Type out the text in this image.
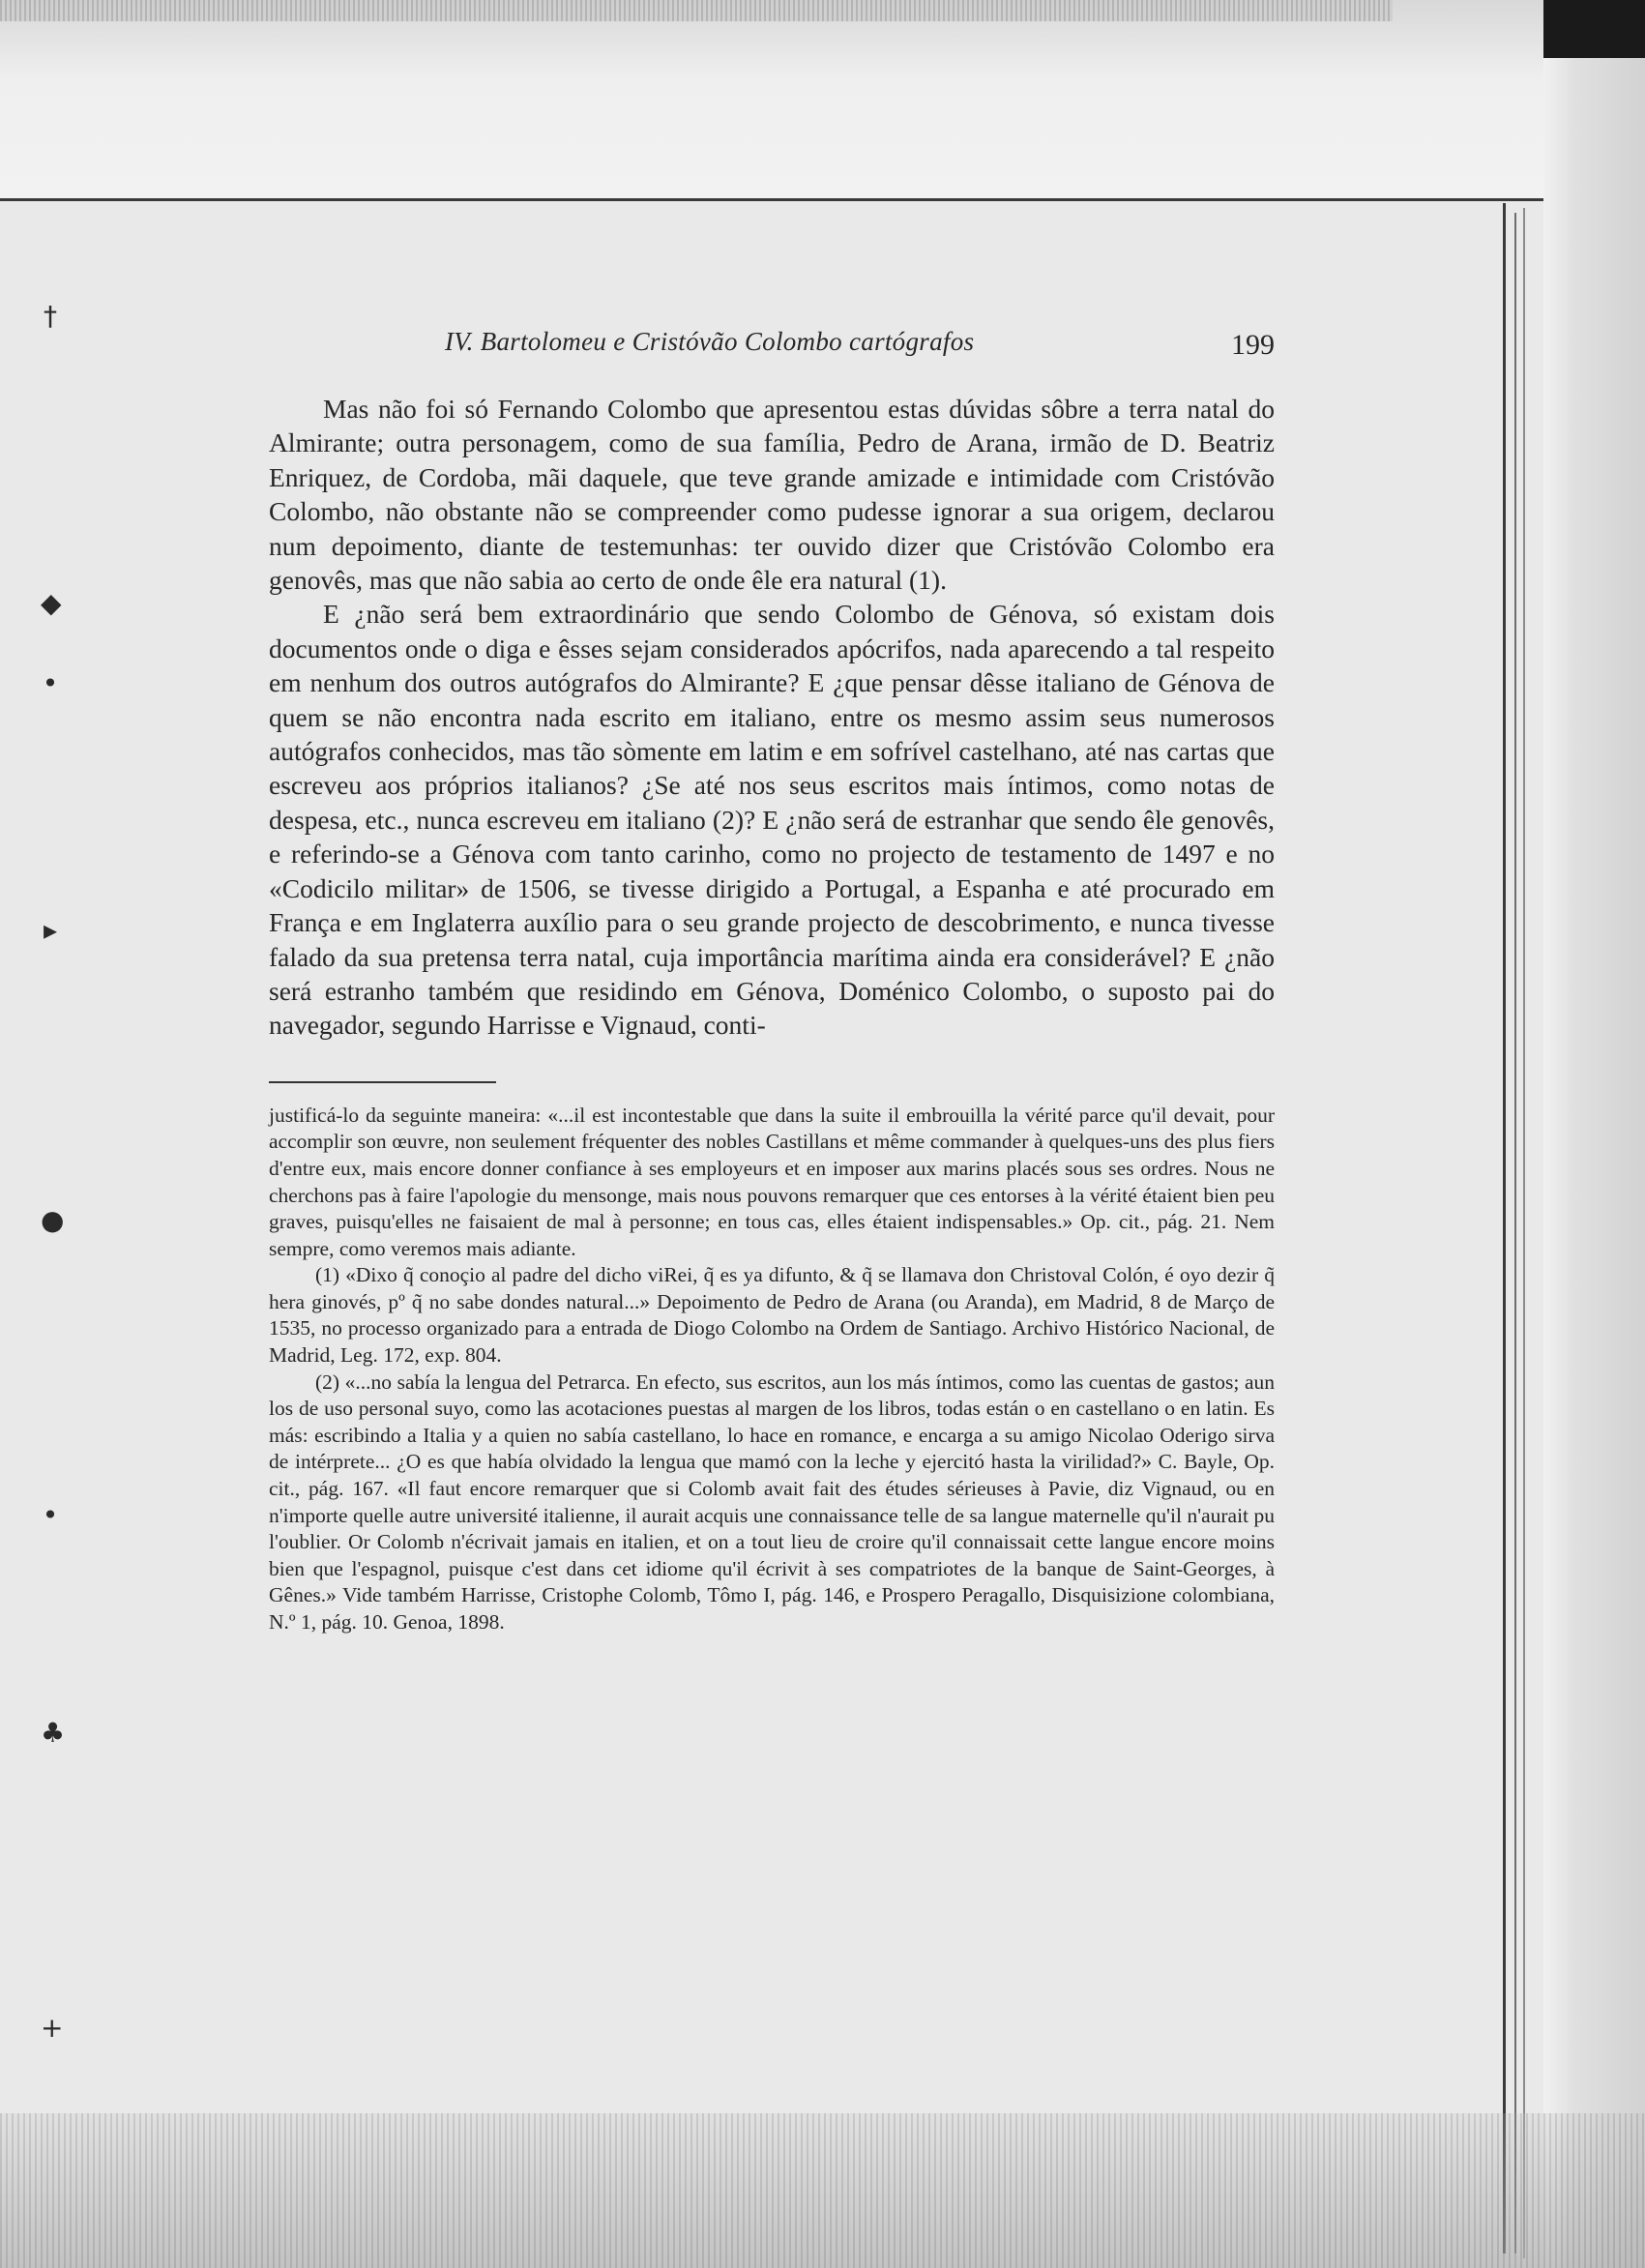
†
◆
•
▸
●
•
♣
+
IV. Bartolomeu e Cristóvão Colombo cartógrafos	199

Mas não foi só Fernando Colombo que apresentou estas dúvidas sôbre a terra natal do Almirante; outra personagem, como de sua família, Pedro de Arana, irmão de D. Beatriz Enriquez, de Cordoba, mãi daquele, que teve grande amizade e intimidade com Cristóvão Colombo, não obstante não se compreender como pudesse ignorar a sua origem, declarou num depoimento, diante de testemunhas: ter ouvido dizer que Cristóvão Colombo era genovês, mas que não sabia ao certo de onde êle era natural (1).

E ¿não será bem extraordinário que sendo Colombo de Génova, só existam dois documentos onde o diga e êsses sejam considerados apócrifos, nada aparecendo a tal respeito em nenhum dos outros autógrafos do Almirante? E ¿que pensar dêsse italiano de Génova de quem se não encontra nada escrito em italiano, entre os mesmo assim seus numerosos autógrafos conhecidos, mas tão sòmente em latim e em sofrível castelhano, até nas cartas que escreveu aos próprios italianos? ¿Se até nos seus escritos mais íntimos, como notas de despesa, etc., nunca escreveu em italiano (2)? E ¿não será de estranhar que sendo êle genovês, e referindo-se a Génova com tanto carinho, como no projecto de testamento de 1497 e no «Codicilo militar» de 1506, se tivesse dirigido a Portugal, a Espanha e até procurado em França e em Inglaterra auxílio para o seu grande projecto de descobrimento, e nunca tivesse falado da sua pretensa terra natal, cuja importância marítima ainda era considerável? E ¿não será estranho também que residindo em Génova, Doménico Colombo, o suposto pai do navegador, segundo Harrisse e Vignaud, conti-

justificá-lo da seguinte maneira: «...il est incontestable que dans la suite il embrouilla la vérité parce qu'il devait, pour accomplir son œuvre, non seulement fréquenter des nobles Castillans et même commander à quelques-uns des plus fiers d'entre eux, mais encore donner confiance à ses employeurs et en imposer aux marins placés sous ses ordres. Nous ne cherchons pas à faire l'apologie du mensonge, mais nous pouvons remarquer que ces entorses à la vérité étaient bien peu graves, puisqu'elles ne faisaient de mal à personne; en tous cas, elles étaient indispensables.» Op. cit., pág. 21. Nem sempre, como veremos mais adiante.

(1) «Dixo q̃ conoçio al padre del dicho viRei, q̃ es ya difunto, & q̃ se llamava don Christoval Colón, é oyo dezir q̃ hera ginovés, pº q̃ no sabe dondes natural...» Depoimento de Pedro de Arana (ou Aranda), em Madrid, 8 de Março de 1535, no processo organizado para a entrada de Diogo Colombo na Ordem de Santiago. Archivo Histórico Nacional, de Madrid, Leg. 172, exp. 804.

(2) «...no sabía la lengua del Petrarca. En efecto, sus escritos, aun los más íntimos, como las cuentas de gastos; aun los de uso personal suyo, como las acotaciones puestas al margen de los libros, todas están o en castellano o en latin. Es más: escribindo a Italia y a quien no sabía castellano, lo hace en romance, e encarga a su amigo Nicolao Oderigo sirva de intérprete... ¿O es que había olvidado la lengua que mamó con la leche y ejercitó hasta la virilidad?» C. Bayle, Op. cit., pág. 167. «Il faut encore remarquer que si Colomb avait fait des études sérieuses à Pavie, diz Vignaud, ou en n'importe quelle autre université italienne, il aurait acquis une connaissance telle de sa langue maternelle qu'il n'aurait pu l'oublier. Or Colomb n'écrivait jamais en italien, et on a tout lieu de croire qu'il connaissait cette langue encore moins bien que l'espagnol, puisque c'est dans cet idiome qu'il écrivit à ses compatriotes de la banque de Saint-Georges, à Gênes.» Vide também Harrisse, Cristophe Colomb, Tômo I, pág. 146, e Prospero Peragallo, Disquisizione colombiana, N.º 1, pág. 10. Genoa, 1898.
